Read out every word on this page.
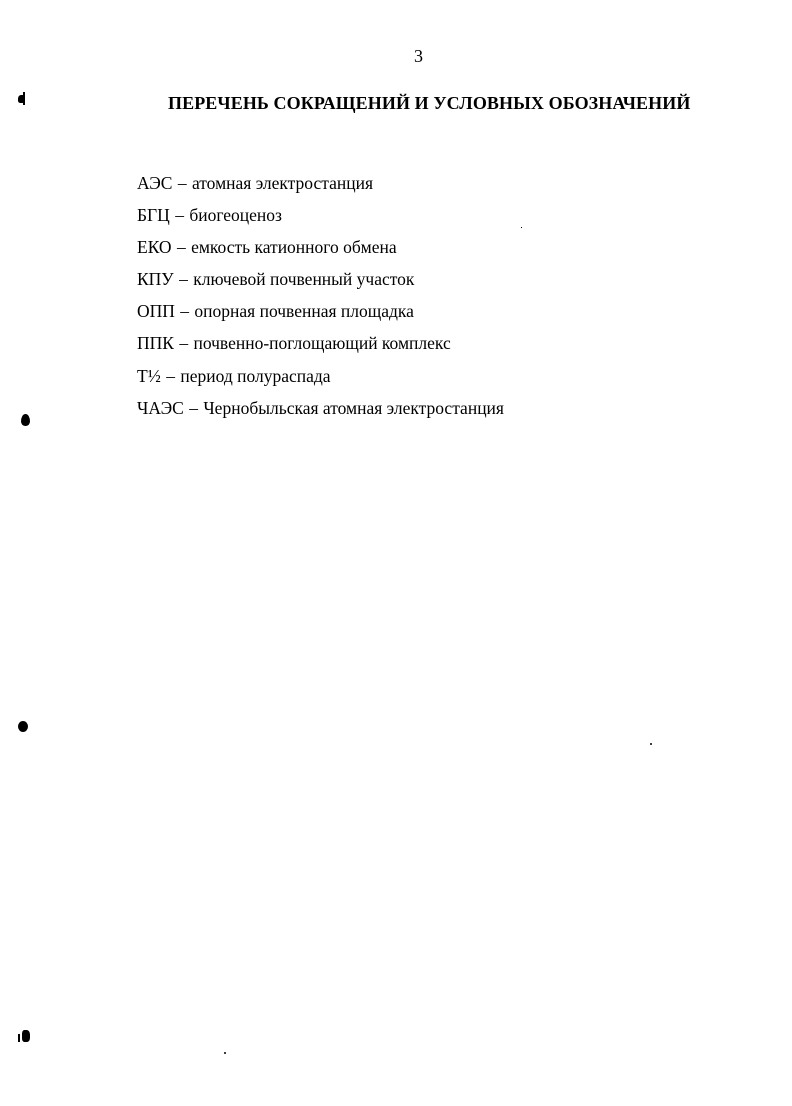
3
ПЕРЕЧЕНЬ СОКРАЩЕНИЙ И УСЛОВНЫХ ОБОЗНАЧЕНИЙ
АЭС – атомная электростанция
БГЦ – биогеоценоз
ЕКО – емкость катионного обмена
КПУ – ключевой почвенный участок
ОПП – опорная почвенная площадка
ППК – почвенно-поглощающий комплекс
Т½ – период полураспада
ЧАЭС – Чернобыльская атомная электростанция
